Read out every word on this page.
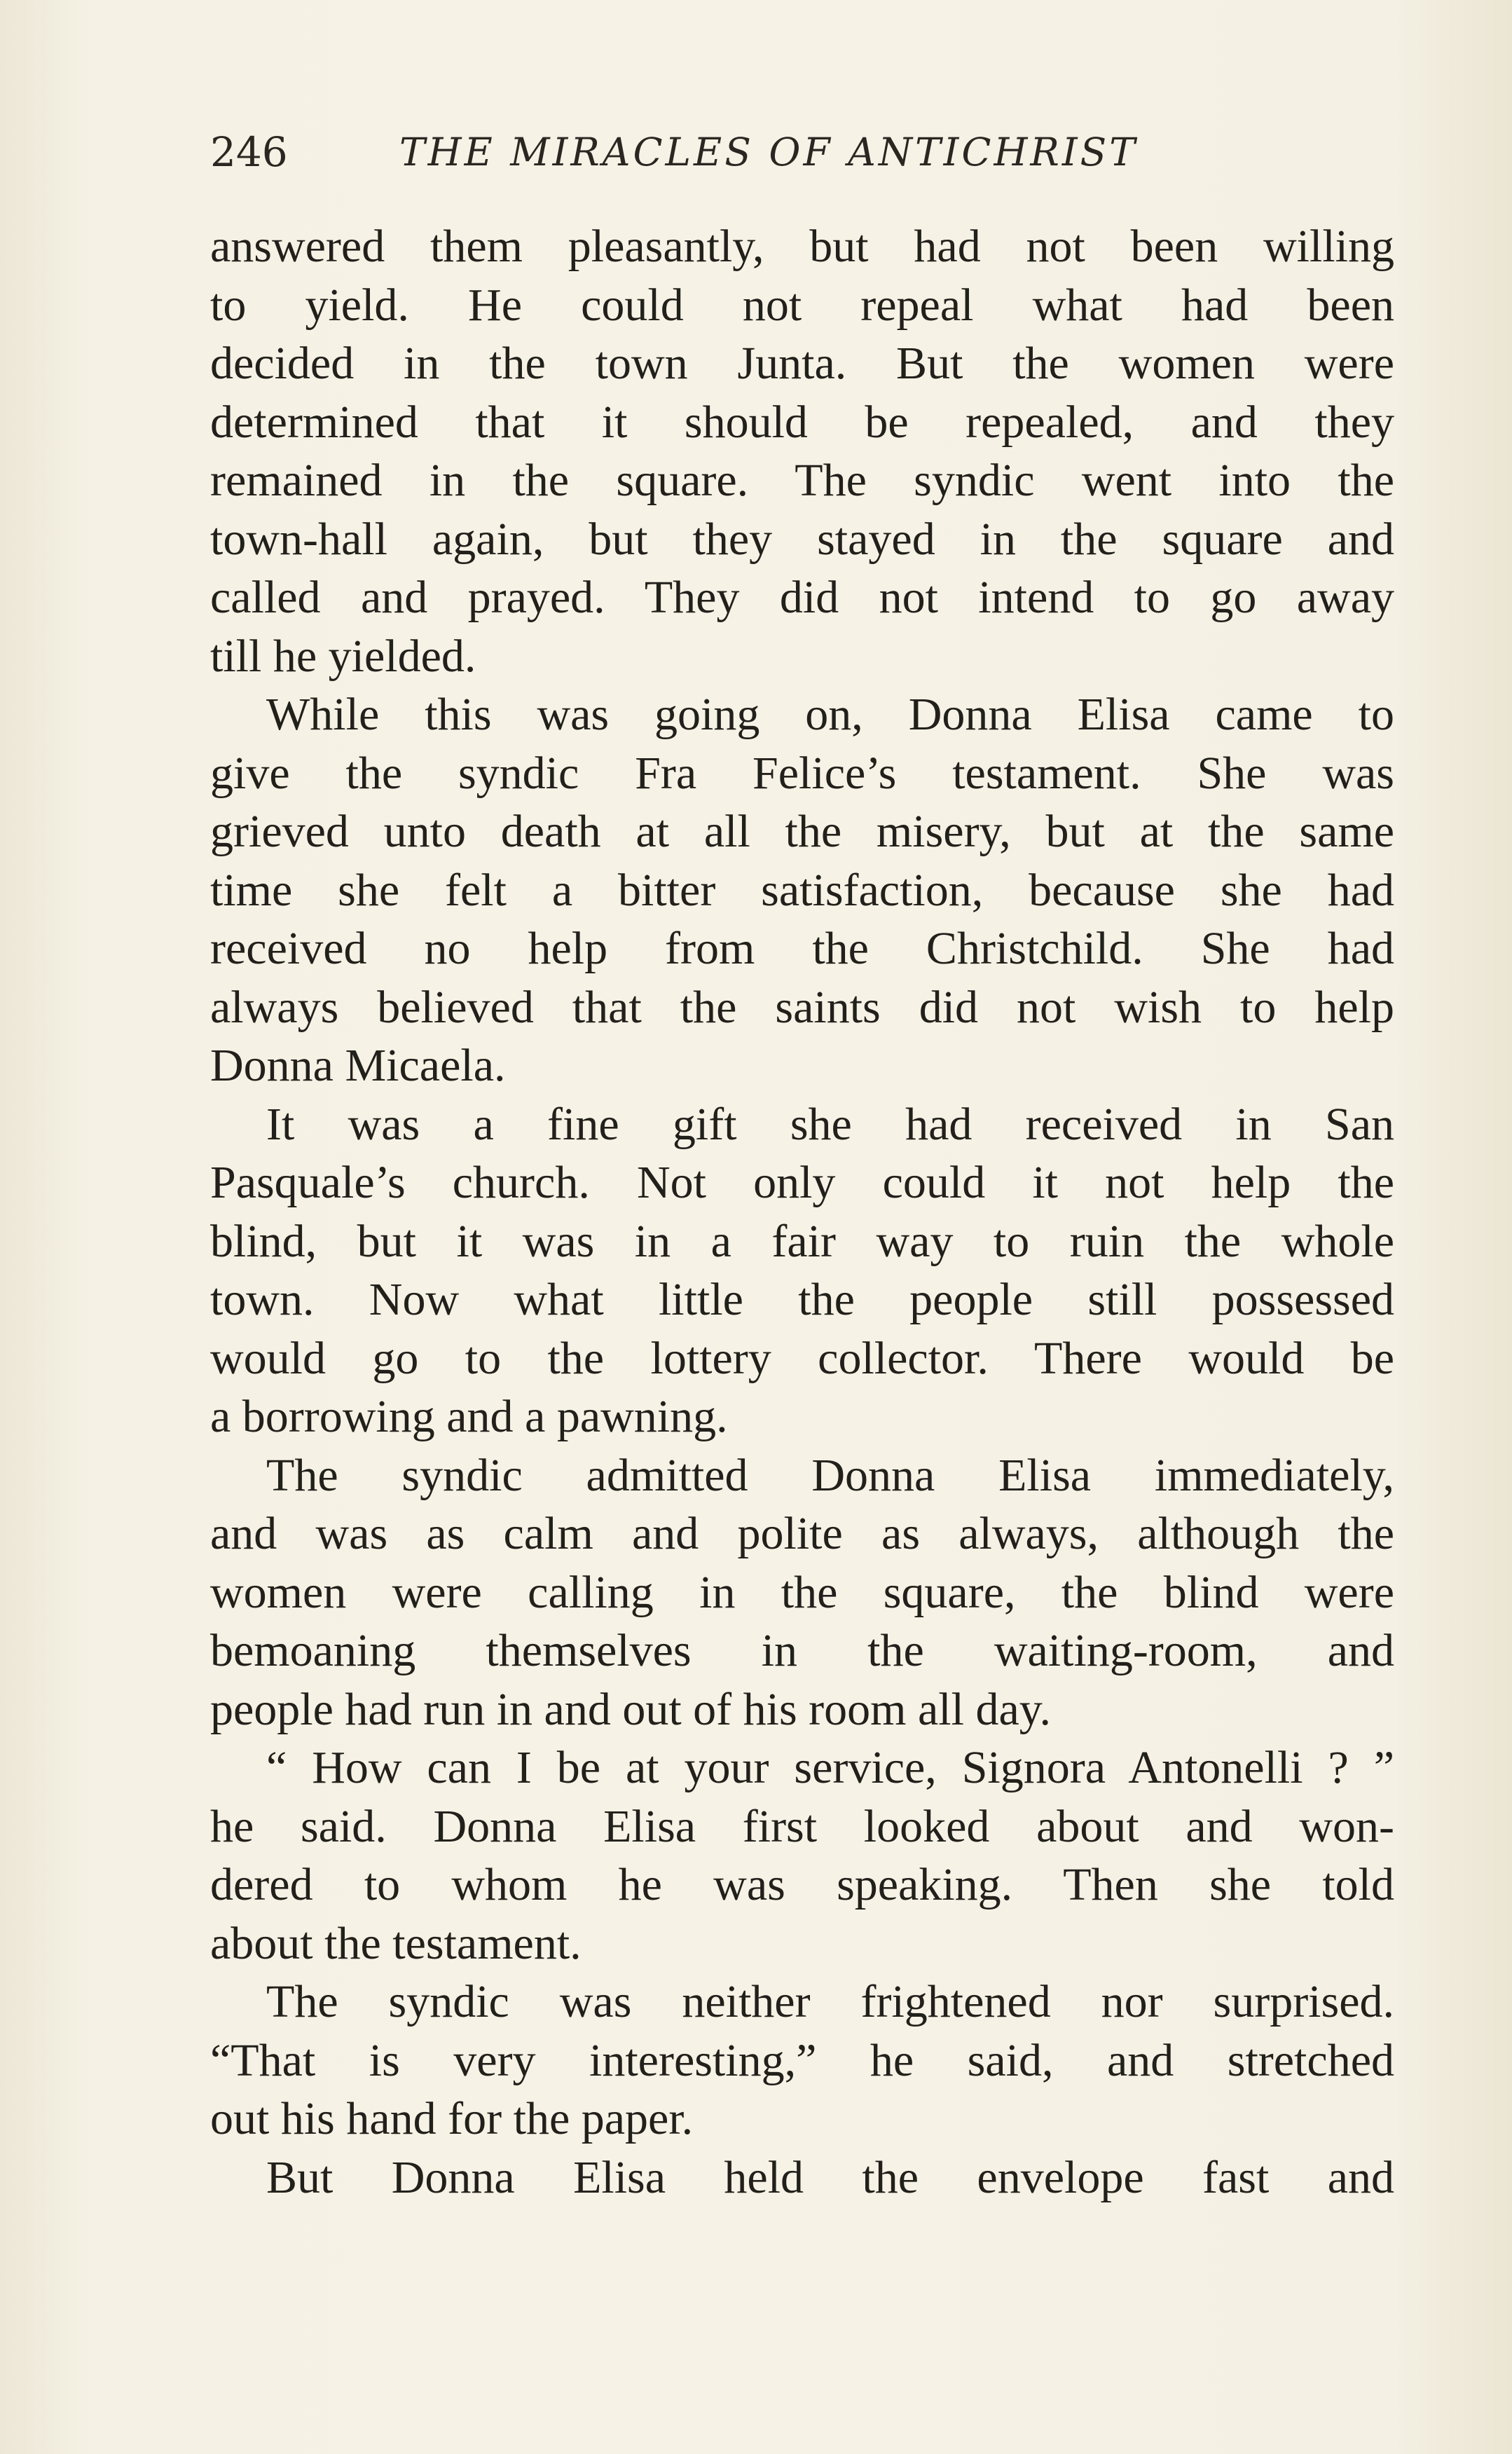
246	THE MIRACLES OF ANTICHRIST
answered them pleasantly, but had not been willing
to yield. He could not repeal what had been
decided in the town Junta. But the women were
determined that it should be repealed, and they
remained in the square. The syndic went into the
town-hall again, but they stayed in the square and
called and prayed. They did not intend to go away
till he yielded.
While this was going on, Donna Elisa came to
give the syndic Fra Felice’s testament. She was
grieved unto death at all the misery, but at the same
time she felt a bitter satisfaction, because she had
received no help from the Christchild. She had
always believed that the saints did not wish to help
Donna Micaela.
It was a fine gift she had received in San
Pasquale’s church. Not only could it not help the
blind, but it was in a fair way to ruin the whole
town. Now what little the people still possessed
would go to the lottery collector. There would be
a borrowing and a pawning.
The syndic admitted Donna Elisa immediately,
and was as calm and polite as always, although the
women were calling in the square, the blind were
bemoaning themselves in the waiting-room, and
people had run in and out of his room all day.
“ How can I be at your service, Signora Antonelli ? ”
he said. Donna Elisa first looked about and won-
dered to whom he was speaking. Then she told
about the testament.
The syndic was neither frightened nor surprised.
“That is very interesting,” he said, and stretched
out his hand for the paper.
But Donna Elisa held the envelope fast and
